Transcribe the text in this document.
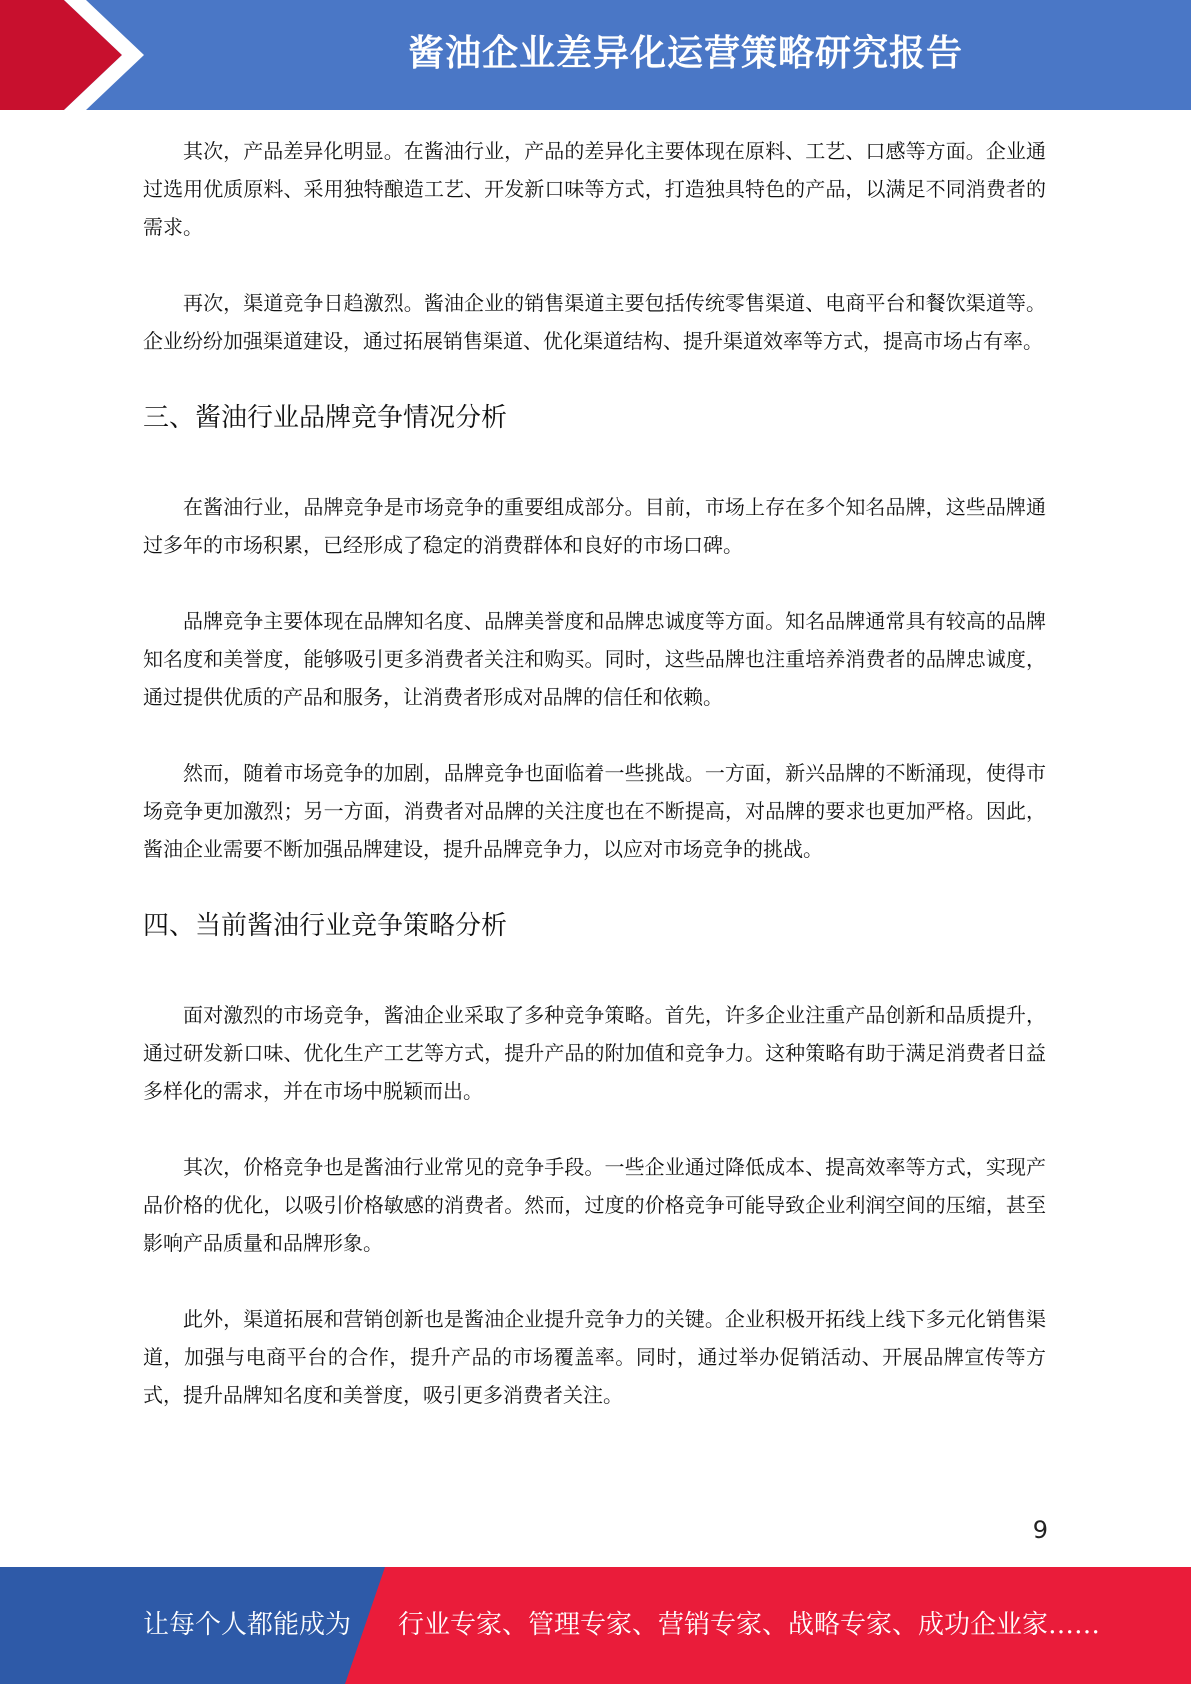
酱油企业差异化运营策略研究报告

其次，产品差异化明显。在酱油行业，产品的差异化主要体现在原料、工艺、口感等方面。企业通过选用优质原料、采用独特酿造工艺、开发新口味等方式，打造独具特色的产品，以满足不同消费者的需求。

再次，渠道竞争日趋激烈。酱油企业的销售渠道主要包括传统零售渠道、电商平台和餐饮渠道等。企业纷纷加强渠道建设，通过拓展销售渠道、优化渠道结构、提升渠道效率等方式，提高市场占有率。

三、酱油行业品牌竞争情况分析

在酱油行业，品牌竞争是市场竞争的重要组成部分。目前，市场上存在多个知名品牌，这些品牌通过多年的市场积累，已经形成了稳定的消费群体和良好的市场口碑。

品牌竞争主要体现在品牌知名度、品牌美誉度和品牌忠诚度等方面。知名品牌通常具有较高的品牌知名度和美誉度，能够吸引更多消费者关注和购买。同时，这些品牌也注重培养消费者的品牌忠诚度，通过提供优质的产品和服务，让消费者形成对品牌的信任和依赖。

然而，随着市场竞争的加剧，品牌竞争也面临着一些挑战。一方面，新兴品牌的不断涌现，使得市场竞争更加激烈；另一方面，消费者对品牌的关注度也在不断提高，对品牌的要求也更加严格。因此，酱油企业需要不断加强品牌建设，提升品牌竞争力，以应对市场竞争的挑战。

四、当前酱油行业竞争策略分析

面对激烈的市场竞争，酱油企业采取了多种竞争策略。首先，许多企业注重产品创新和品质提升，通过研发新口味、优化生产工艺等方式，提升产品的附加值和竞争力。这种策略有助于满足消费者日益多样化的需求，并在市场中脱颖而出。

其次，价格竞争也是酱油行业常见的竞争手段。一些企业通过降低成本、提高效率等方式，实现产品价格的优化，以吸引价格敏感的消费者。然而，过度的价格竞争可能导致企业利润空间的压缩，甚至影响产品质量和品牌形象。

此外，渠道拓展和营销创新也是酱油企业提升竞争力的关键。企业积极开拓线上线下多元化销售渠道，加强与电商平台的合作，提升产品的市场覆盖率。同时，通过举办促销活动、开展品牌宣传等方式，提升品牌知名度和美誉度，吸引更多消费者关注。

9
让每个人都能成为 行业专家、管理专家、营销专家、战略专家、成功企业家……
